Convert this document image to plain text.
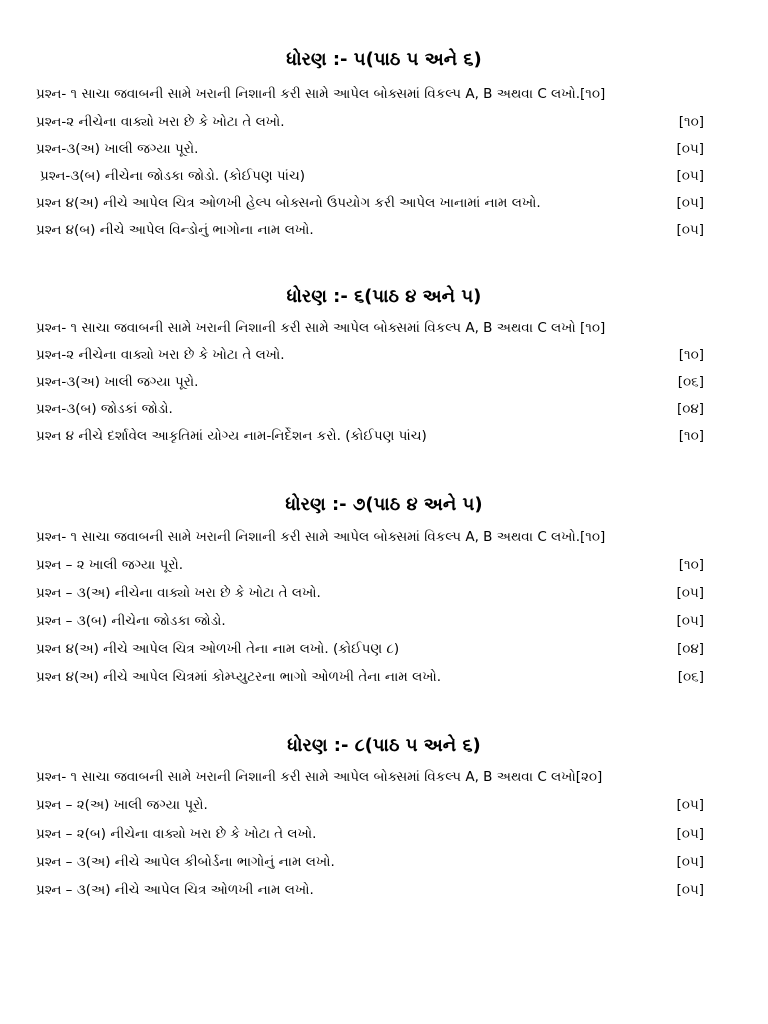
ધોરણ :- ૫(પાઠ ૫ અને ૬)
પ્રશ્ન- ૧ સાચા જવાબની સામે ખરાની નિશાની કરી સામે આપેલ બોક્સમાં વિકલ્પ A, B અથવા C લખો.[૧૦]
પ્રશ્ન-૨ નીચેના વાક્યો ખરા છે કે ખોટા તે લખો.	[૧૦]
પ્રશ્ન-૩(અ) ખાલી જગ્યા પૂરો.	[૦૫]
પ્રશ્ન-૩(બ) નીચેના જોડકા જોડો. (કોઈપણ પાંચ)	[૦૫]
પ્રશ્ન ૪(અ) નીચે આપેલ ચિત્ર ઓળખી હેલ્પ બોક્સનો ઉપયોગ કરી આપેલ ખાનામાં નામ લખો.	[૦૫]
પ્રશ્ન ૪(બ) નીચે આપેલ વિન્ડોનું ભાગોના નામ લખો.	[૦૫]
ધોરણ :- ૬(પાઠ ૪ અને ૫)
પ્રશ્ન- ૧ સાચા જવાબની સામે ખરાની નિશાની કરી સામે આપેલ બોક્સમાં વિકલ્પ A, B અથવા C લખો [૧૦]
પ્રશ્ન-૨ નીચેના વાક્યો ખરા છે કે ખોટા તે લખો.	[૧૦]
પ્રશ્ન-૩(અ) ખાલી જગ્યા પૂરો.	[૦૬]
પ્રશ્ન-૩(બ) જોડકાં જોડો.	[૦૪]
પ્રશ્ન ૪ નીચે દર્શાવેલ આકૃતિમાં યોગ્ય નામ-નિર્દેશન કરો. (કોઈપણ પાંચ)	[૧૦]
ધોરણ :- ૭(પાઠ ૪ અને ૫)
પ્રશ્ન- ૧ સાચા જવાબની સામે ખરાની નિશાની કરી સામે આપેલ બોક્સમાં વિકલ્પ A, B અથવા C લખો.[૧૦]
પ્રશ્ન – ૨ ખાલી જગ્યા પૂરો.	[૧૦]
પ્રશ્ન – ૩(અ) નીચેના વાક્યો ખરા છે કે ખોટા તે લખો.	[૦૫]
પ્રશ્ન – ૩(બ) નીચેના જોડકા જોડો.	[૦૫]
પ્રશ્ન ૪(અ) નીચે આપેલ ચિત્ર ઓળખી તેના નામ લખો. (કોઈપણ ૮)	[૦૪]
પ્રશ્ન ૪(અ) નીચે આપેલ ચિત્રમાં કોમ્પ્યુટરના ભાગો ઓળખી તેના નામ લખો.	[૦૬]
ધોરણ :- ૮(પાઠ ૫ અને ૬)
પ્રશ્ન- ૧ સાચા જવાબની સામે ખરાની નિશાની કરી સામે આપેલ બોક્સમાં વિકલ્પ A, B અથવા C લખો[૨૦]
પ્રશ્ન – ૨(અ) ખાલી જગ્યા પૂરો.	[૦૫]
પ્રશ્ન – ૨(બ) નીચેના વાક્યો ખરા છે કે ખોટા તે લખો.	[૦૫]
પ્રશ્ન – ૩(અ) નીચે આપેલ કીબોર્ડના ભાગોનું નામ લખો.	[૦૫]
પ્રશ્ન – ૩(અ) નીચે આપેલ ચિત્ર ઓળખી નામ લખો.	[૦૫]
